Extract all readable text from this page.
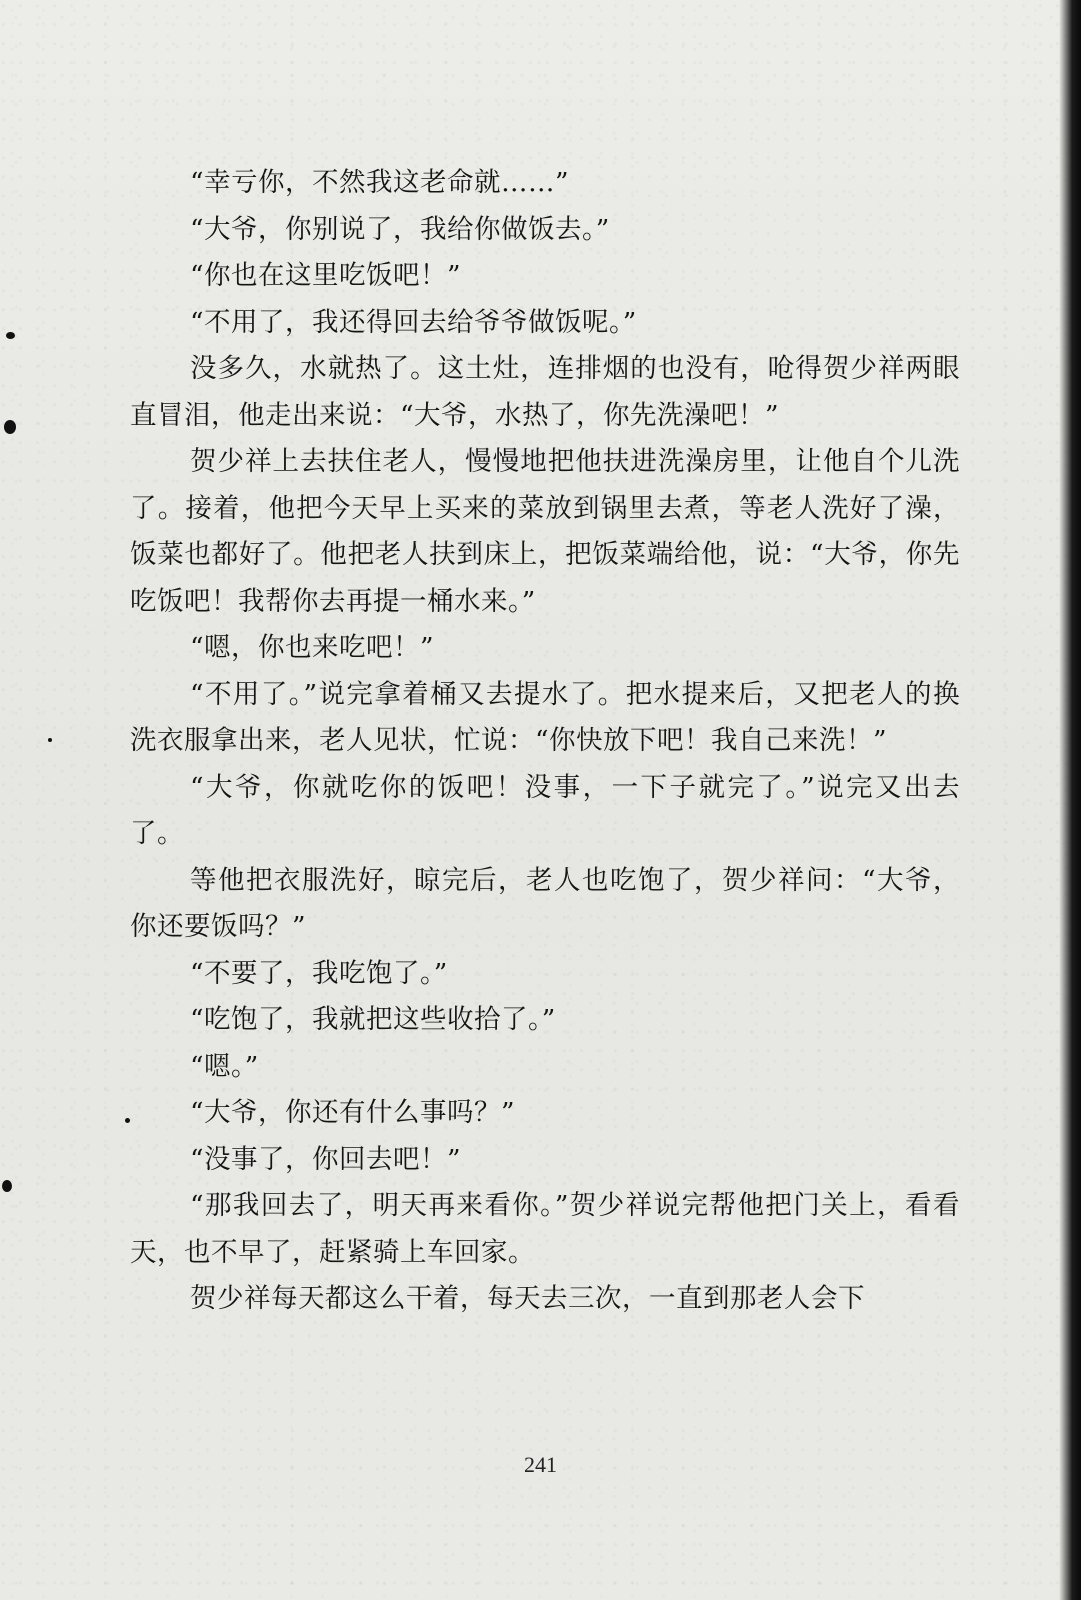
“幸亏你，不然我这老命就……”

“大爷，你别说了，我给你做饭去。”

“你也在这里吃饭吧！”

“不用了，我还得回去给爷爷做饭呢。”

没多久，水就热了。这土灶，连排烟的也没有，呛得贺少祥两眼直冒泪，他走出来说：“大爷，水热了，你先洗澡吧！”

贺少祥上去扶住老人，慢慢地把他扶进洗澡房里，让他自个儿洗了。接着，他把今天早上买来的菜放到锅里去煮，等老人洗好了澡，饭菜也都好了。他把老人扶到床上，把饭菜端给他，说：“大爷，你先吃饭吧！我帮你去再提一桶水来。”

“嗯，你也来吃吧！”

“不用了。”说完拿着桶又去提水了。把水提来后，又把老人的换洗衣服拿出来，老人见状，忙说：“你快放下吧！我自己来洗！”

“大爷，你就吃你的饭吧！没事，一下子就完了。”说完又出去了。

等他把衣服洗好，晾完后，老人也吃饱了，贺少祥问：“大爷，你还要饭吗？”

“不要了，我吃饱了。”

“吃饱了，我就把这些收拾了。”

“嗯。”

“大爷，你还有什么事吗？”

“没事了，你回去吧！”

“那我回去了，明天再来看你。”贺少祥说完帮他把门关上，看看天，也不早了，赶紧骑上车回家。

贺少祥每天都这么干着，每天去三次，一直到那老人会下

241
